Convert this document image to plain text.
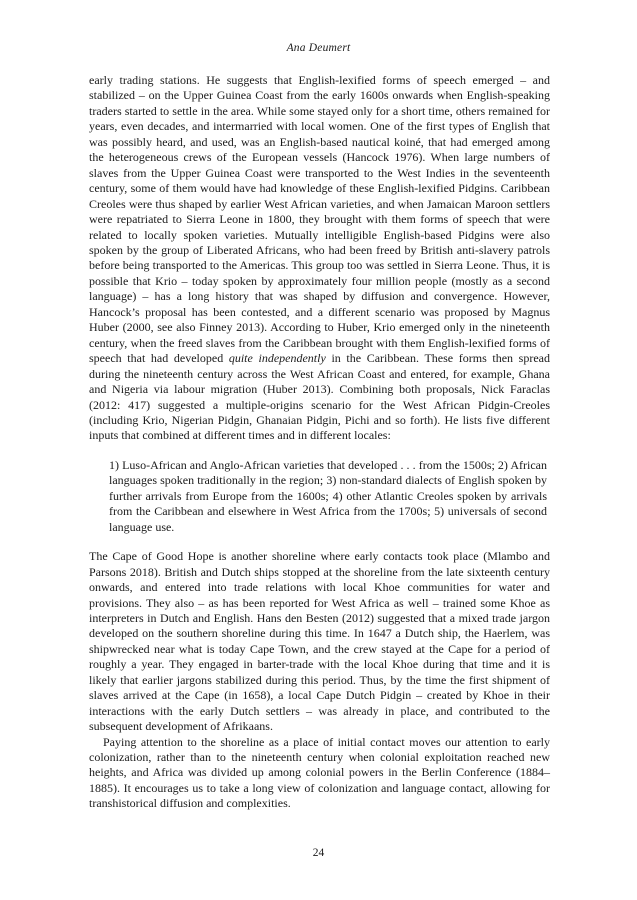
Ana Deumert

early trading stations. He suggests that English-lexified forms of speech emerged – and stabilized – on the Upper Guinea Coast from the early 1600s onwards when English-speaking traders started to settle in the area. While some stayed only for a short time, others remained for years, even decades, and intermarried with local women. One of the first types of English that was possibly heard, and used, was an English-based nautical koiné, that had emerged among the heterogeneous crews of the European vessels (Hancock 1976). When large numbers of slaves from the Upper Guinea Coast were transported to the West Indies in the seventeenth century, some of them would have had knowledge of these English-lexified Pidgins. Caribbean Creoles were thus shaped by earlier West African varieties, and when Jamaican Maroon settlers were repatriated to Sierra Leone in 1800, they brought with them forms of speech that were related to locally spoken varieties. Mutually intelligible English-based Pidgins were also spoken by the group of Liberated Africans, who had been freed by British anti-slavery patrols before being transported to the Americas. This group too was settled in Sierra Leone. Thus, it is possible that Krio – today spoken by approximately four million people (mostly as a second language) – has a long history that was shaped by diffusion and convergence. However, Hancock’s proposal has been contested, and a different scenario was proposed by Magnus Huber (2000, see also Finney 2013). According to Huber, Krio emerged only in the nineteenth century, when the freed slaves from the Caribbean brought with them English-lexified forms of speech that had developed quite independently in the Caribbean. These forms then spread during the nineteenth century across the West African Coast and entered, for example, Ghana and Nigeria via labour migration (Huber 2013). Combining both proposals, Nick Faraclas (2012: 417) suggested a multiple-origins scenario for the West African Pidgin-Creoles (including Krio, Nigerian Pidgin, Ghanaian Pidgin, Pichi and so forth). He lists five different inputs that combined at different times and in different locales:

1) Luso-African and Anglo-African varieties that developed . . . from the 1500s; 2) African languages spoken traditionally in the region; 3) non-standard dialects of English spoken by further arrivals from Europe from the 1600s; 4) other Atlantic Creoles spoken by arrivals from the Caribbean and elsewhere in West Africa from the 1700s; 5) universals of second language use.

The Cape of Good Hope is another shoreline where early contacts took place (Mlambo and Parsons 2018). British and Dutch ships stopped at the shoreline from the late sixteenth century onwards, and entered into trade relations with local Khoe communities for water and provisions. They also – as has been reported for West Africa as well – trained some Khoe as interpreters in Dutch and English. Hans den Besten (2012) suggested that a mixed trade jargon developed on the southern shoreline during this time. In 1647 a Dutch ship, the Haerlem, was shipwrecked near what is today Cape Town, and the crew stayed at the Cape for a period of roughly a year. They engaged in barter-trade with the local Khoe during that time and it is likely that earlier jargons stabilized during this period. Thus, by the time the first shipment of slaves arrived at the Cape (in 1658), a local Cape Dutch Pidgin – created by Khoe in their interactions with the early Dutch settlers – was already in place, and contributed to the subsequent development of Afrikaans.

Paying attention to the shoreline as a place of initial contact moves our attention to early colonization, rather than to the nineteenth century when colonial exploitation reached new heights, and Africa was divided up among colonial powers in the Berlin Conference (1884–1885). It encourages us to take a long view of colonization and language contact, allowing for transhistorical diffusion and complexities.

24
